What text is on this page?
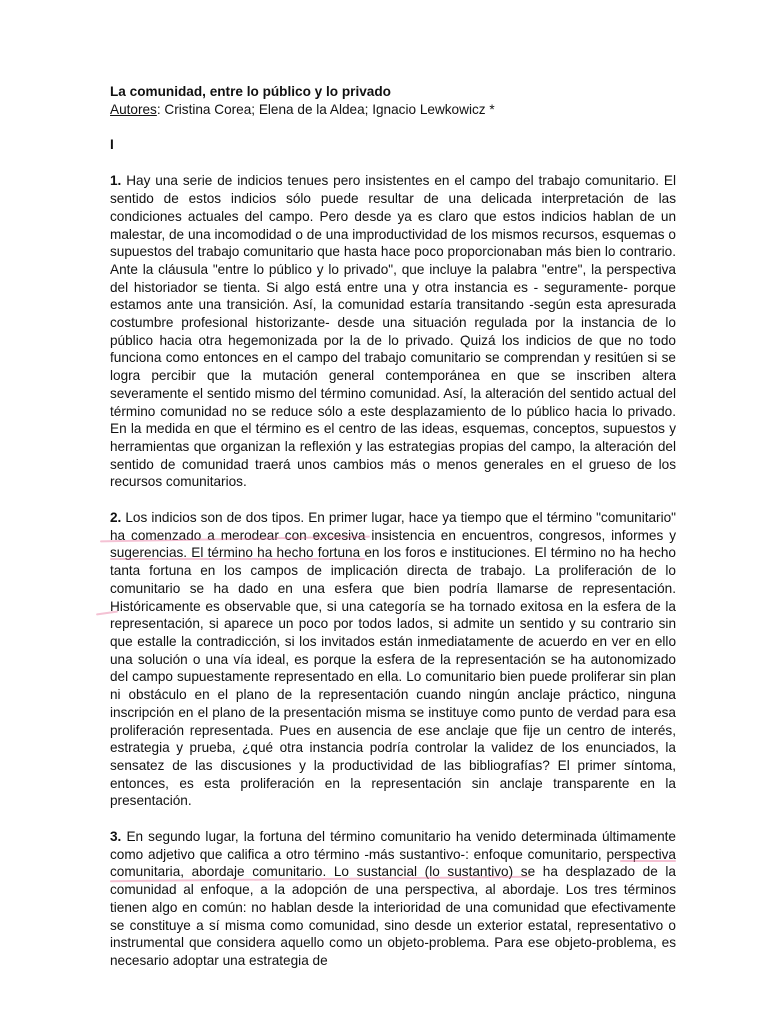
La comunidad, entre lo público y lo privado

Autores: Cristina Corea; Elena de la Aldea; Ignacio Lewkowicz *

I

1. Hay una serie de indicios tenues pero insistentes en el campo del trabajo comunitario. El sentido de estos indicios sólo puede resultar de una delicada interpretación de las condiciones actuales del campo. Pero desde ya es claro que estos indicios hablan de un malestar, de una incomodidad o de una improductividad de los mismos recursos, esquemas o supuestos del trabajo comunitario que hasta hace poco proporcionaban más bien lo contrario. Ante la cláusula "entre lo público y lo privado", que incluye la palabra "entre", la perspectiva del historiador se tienta. Si algo está entre una y otra instancia es - seguramente- porque estamos ante una transición. Así, la comunidad estaría transitando -según esta apresurada costumbre profesional historizante- desde una situación regulada por la instancia de lo público hacia otra hegemonizada por la de lo privado. Quizá los indicios de que no todo funciona como entonces en el campo del trabajo comunitario se comprendan y resitúen si se logra percibir que la mutación general contemporánea en que se inscriben altera severamente el sentido mismo del término comunidad. Así, la alteración del sentido actual del término comunidad no se reduce sólo a este desplazamiento de lo público hacia lo privado. En la medida en que el término es el centro de las ideas, esquemas, conceptos, supuestos y herramientas que organizan la reflexión y las estrategias propias del campo, la alteración del sentido de comunidad traerá unos cambios más o menos generales en el grueso de los recursos comunitarios.

2. Los indicios son de dos tipos. En primer lugar, hace ya tiempo que el término "comunitario" ha comenzado a merodear con excesiva insistencia en encuentros, congresos, informes y sugerencias. El término ha hecho fortuna en los foros e instituciones. El término no ha hecho tanta fortuna en los campos de implicación directa de trabajo. La proliferación de lo comunitario se ha dado en una esfera que bien podría llamarse de representación. Históricamente es observable que, si una categoría se ha tornado exitosa en la esfera de la representación, si aparece un poco por todos lados, si admite un sentido y su contrario sin que estalle la contradicción, si los invitados están inmediatamente de acuerdo en ver en ello una solución o una vía ideal, es porque la esfera de la representación se ha autonomizado del campo supuestamente representado en ella. Lo comunitario bien puede proliferar sin plan ni obstáculo en el plano de la representación cuando ningún anclaje práctico, ninguna inscripción en el plano de la presentación misma se instituye como punto de verdad para esa proliferación representada. Pues en ausencia de ese anclaje que fije un centro de interés, estrategia y prueba, ¿qué otra instancia podría controlar la validez de los enunciados, la sensatez de las discusiones y la productividad de las bibliografías? El primer síntoma, entonces, es esta proliferación en la representación sin anclaje transparente en la presentación.

3. En segundo lugar, la fortuna del término comunitario ha venido determinada últimamente como adjetivo que califica a otro término -más sustantivo-: enfoque comunitario, perspectiva comunitaria, abordaje comunitario. Lo sustancial (lo sustantivo) se ha desplazado de la comunidad al enfoque, a la adopción de una perspectiva, al abordaje. Los tres términos tienen algo en común: no hablan desde la interioridad de una comunidad que efectivamente se constituye a sí misma como comunidad, sino desde un exterior estatal, representativo o instrumental que considera aquello como un objeto-problema. Para ese objeto-problema, es necesario adoptar una estrategia de
